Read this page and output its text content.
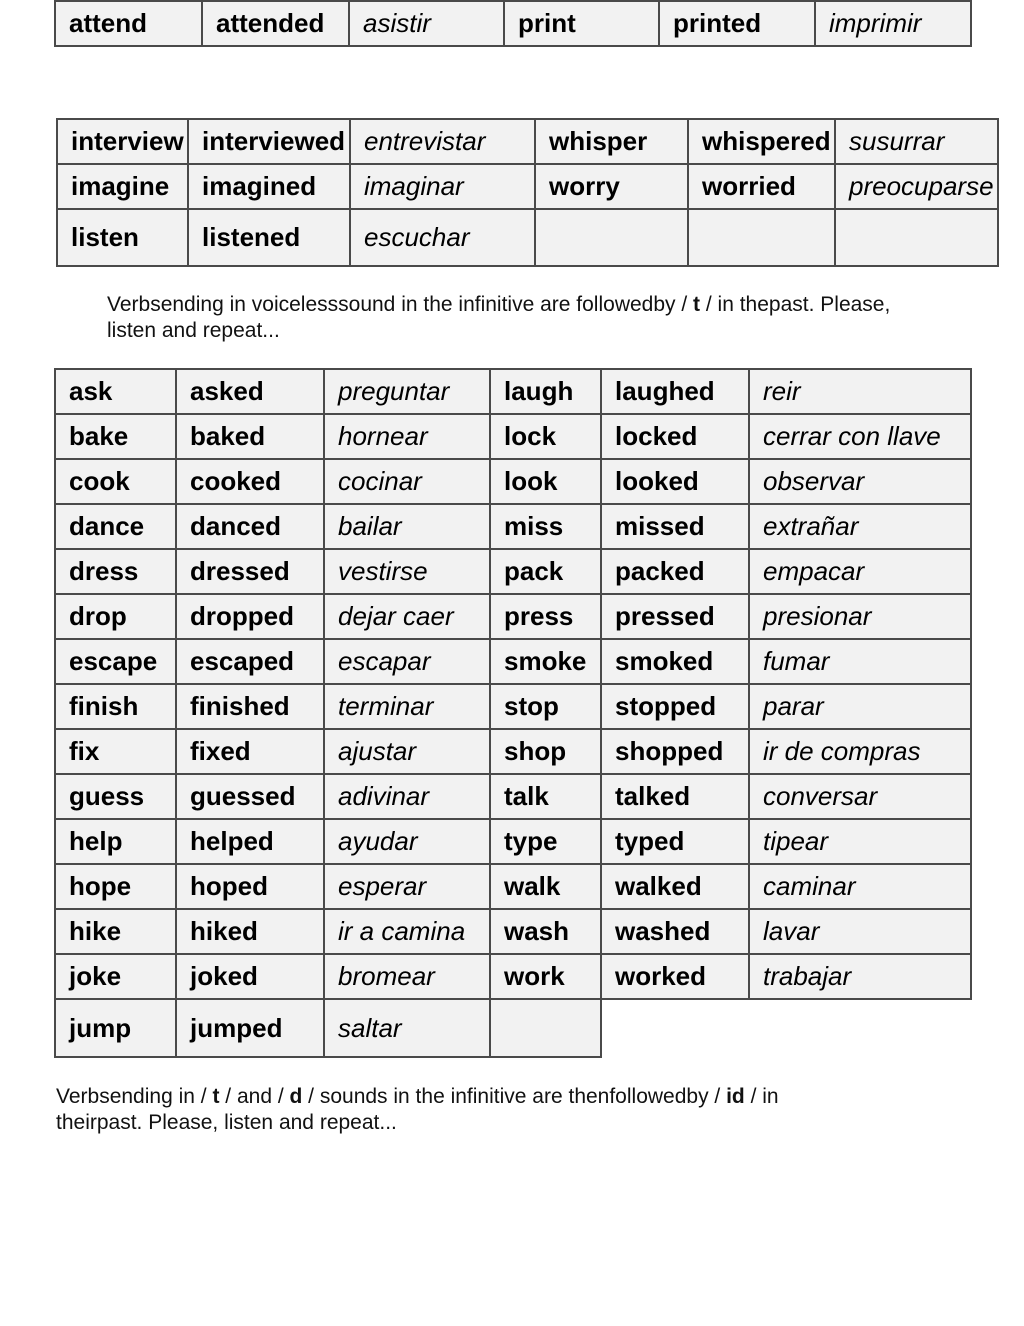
attend	attended	asistir	print	printed	imprimir
interview	interviewed	entrevistar	whisper	whispered	susurrar
imagine	imagined	imaginar	worry	worried	preocuparse
listen	listened	escuchar			
Verbsending in voicelesssound in the infinitive are followedby / t / in thepast. Please,
listen and repeat...
ask	asked	preguntar	laugh	laughed	reir
bake	baked	hornear	lock	locked	cerrar con llave
cook	cooked	cocinar	look	looked	observar
dance	danced	bailar	miss	missed	extrañar
dress	dressed	vestirse	pack	packed	empacar
drop	dropped	dejar caer	press	pressed	presionar
escape	escaped	escapar	smoke	smoked	fumar
finish	finished	terminar	stop	stopped	parar
fix	fixed	ajustar	shop	shopped	ir de compras
guess	guessed	adivinar	talk	talked	conversar
help	helped	ayudar	type	typed	tipear
hope	hoped	esperar	walk	walked	caminar
hike	hiked	ir a camina	wash	washed	lavar
joke	joked	bromear	work	worked	trabajar
jump	jumped	saltar			
Verbsending in / t / and / d / sounds in the infinitive are thenfollowedby / id / in
theirpast. Please, listen and repeat...
